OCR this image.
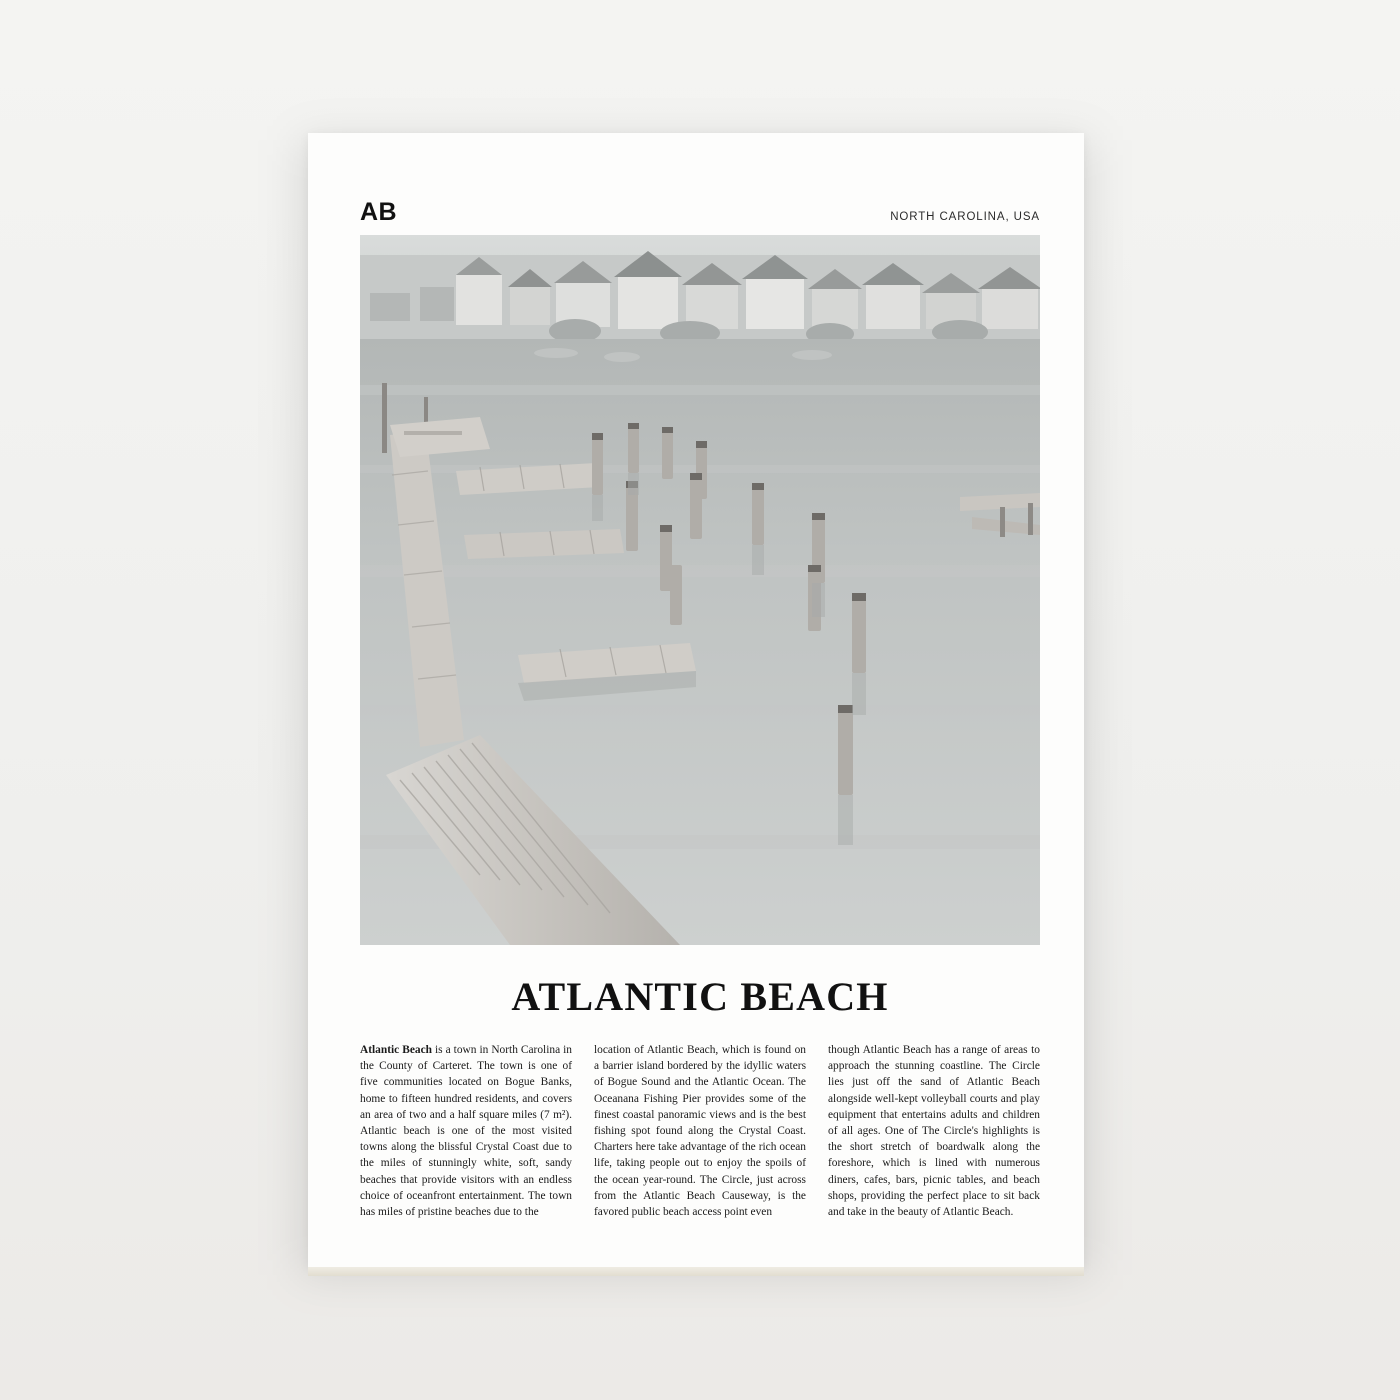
AB	NORTH CAROLINA, USA
ATLANTIC BEACH
Atlantic Beach is a town in North Carolina in the County of Carteret. The town is one of five communities located on Bogue Banks, home to fifteen hundred residents, and covers an area of two and a half square miles (7 m²). Atlantic beach is one of the most visited towns along the blissful Crystal Coast due to the miles of stunningly white, soft, sandy beaches that provide visitors with an endless choice of oceanfront entertainment. The town has miles of pristine beaches due to the
location of Atlantic Beach, which is found on a barrier island bordered by the idyllic waters of Bogue Sound and the Atlantic Ocean. The Oceanana Fishing Pier provides some of the finest coastal panoramic views and is the best fishing spot found along the Crystal Coast. Charters here take advantage of the rich ocean life, taking people out to enjoy the spoils of the ocean year-round. The Circle, just across from the Atlantic Beach Causeway, is the favored public beach access point even
though Atlantic Beach has a range of areas to approach the stunning coastline. The Circle lies just off the sand of Atlantic Beach alongside well-kept volleyball courts and play equipment that entertains adults and children of all ages. One of The Circle's highlights is the short stretch of boardwalk along the foreshore, which is lined with numerous diners, cafes, bars, picnic tables, and beach shops, providing the perfect place to sit back and take in the beauty of Atlantic Beach.
